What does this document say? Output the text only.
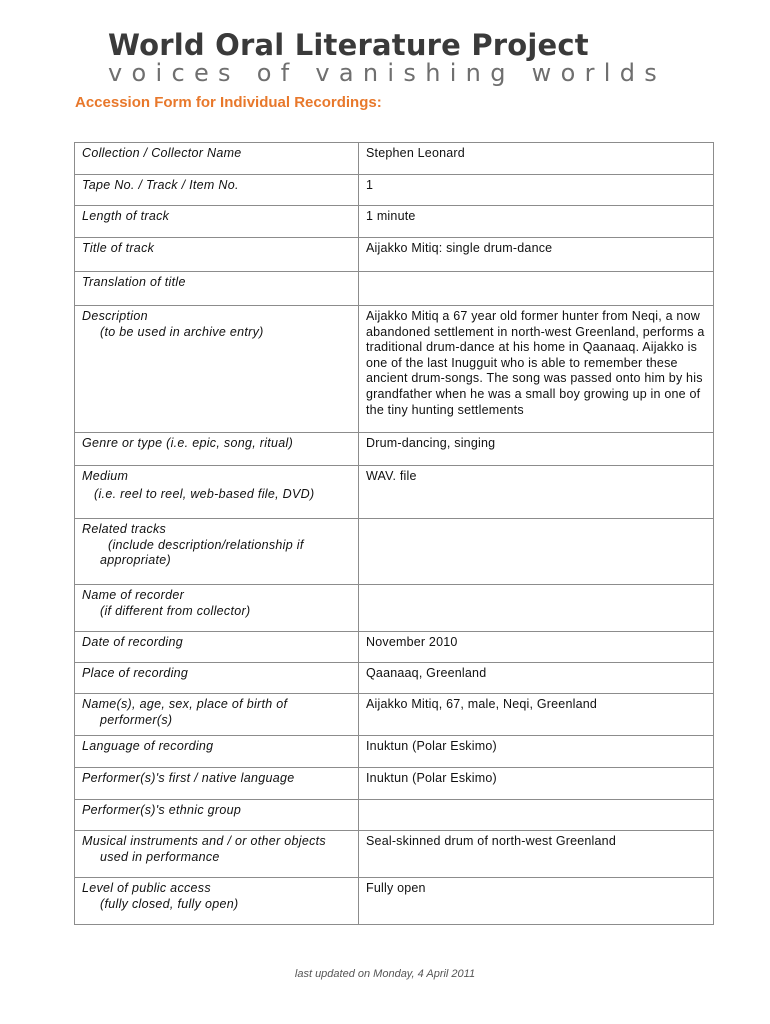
World Oral Literature Project
voices of vanishing worlds
Accession Form for Individual Recordings:
Collection / Collector Name	Stephen Leonard

Tape No. / Track / Item No.	1

Length of track	1 minute

Title of track	Aijakko Mitiq: single drum-dance

Translation of title	

Description
(to be used in archive entry)	Aijakko Mitiq a 67 year old former hunter from Neqi, a now abandoned settlement in north-west Greenland, performs a traditional drum-dance at his home in Qaanaaq. Aijakko is one of the last Inugguit who is able to remember these ancient drum-songs. The song was passed onto him by his grandfather when he was a small boy growing up in one of the tiny hunting settlements

Genre or type (i.e. epic, song, ritual)	Drum-dancing, singing

Medium
(i.e. reel to reel, web-based file, DVD)	WAV. file

Related tracks
(include description/relationship if
appropriate)	

Name of recorder
(if different from collector)	

Date of recording	November 2010

Place of recording	Qaanaaq, Greenland

Name(s), age, sex, place of birth of
performer(s)	Aijakko Mitiq, 67, male, Neqi, Greenland

Language of recording	Inuktun (Polar Eskimo)

Performer(s)'s first / native language	Inuktun (Polar Eskimo)

Performer(s)'s ethnic group	

Musical instruments and / or other objects
used in performance	Seal-skinned drum of north-west Greenland

Level of public access
(fully closed, fully open)	Fully open
last updated on Monday, 4 April 2011
